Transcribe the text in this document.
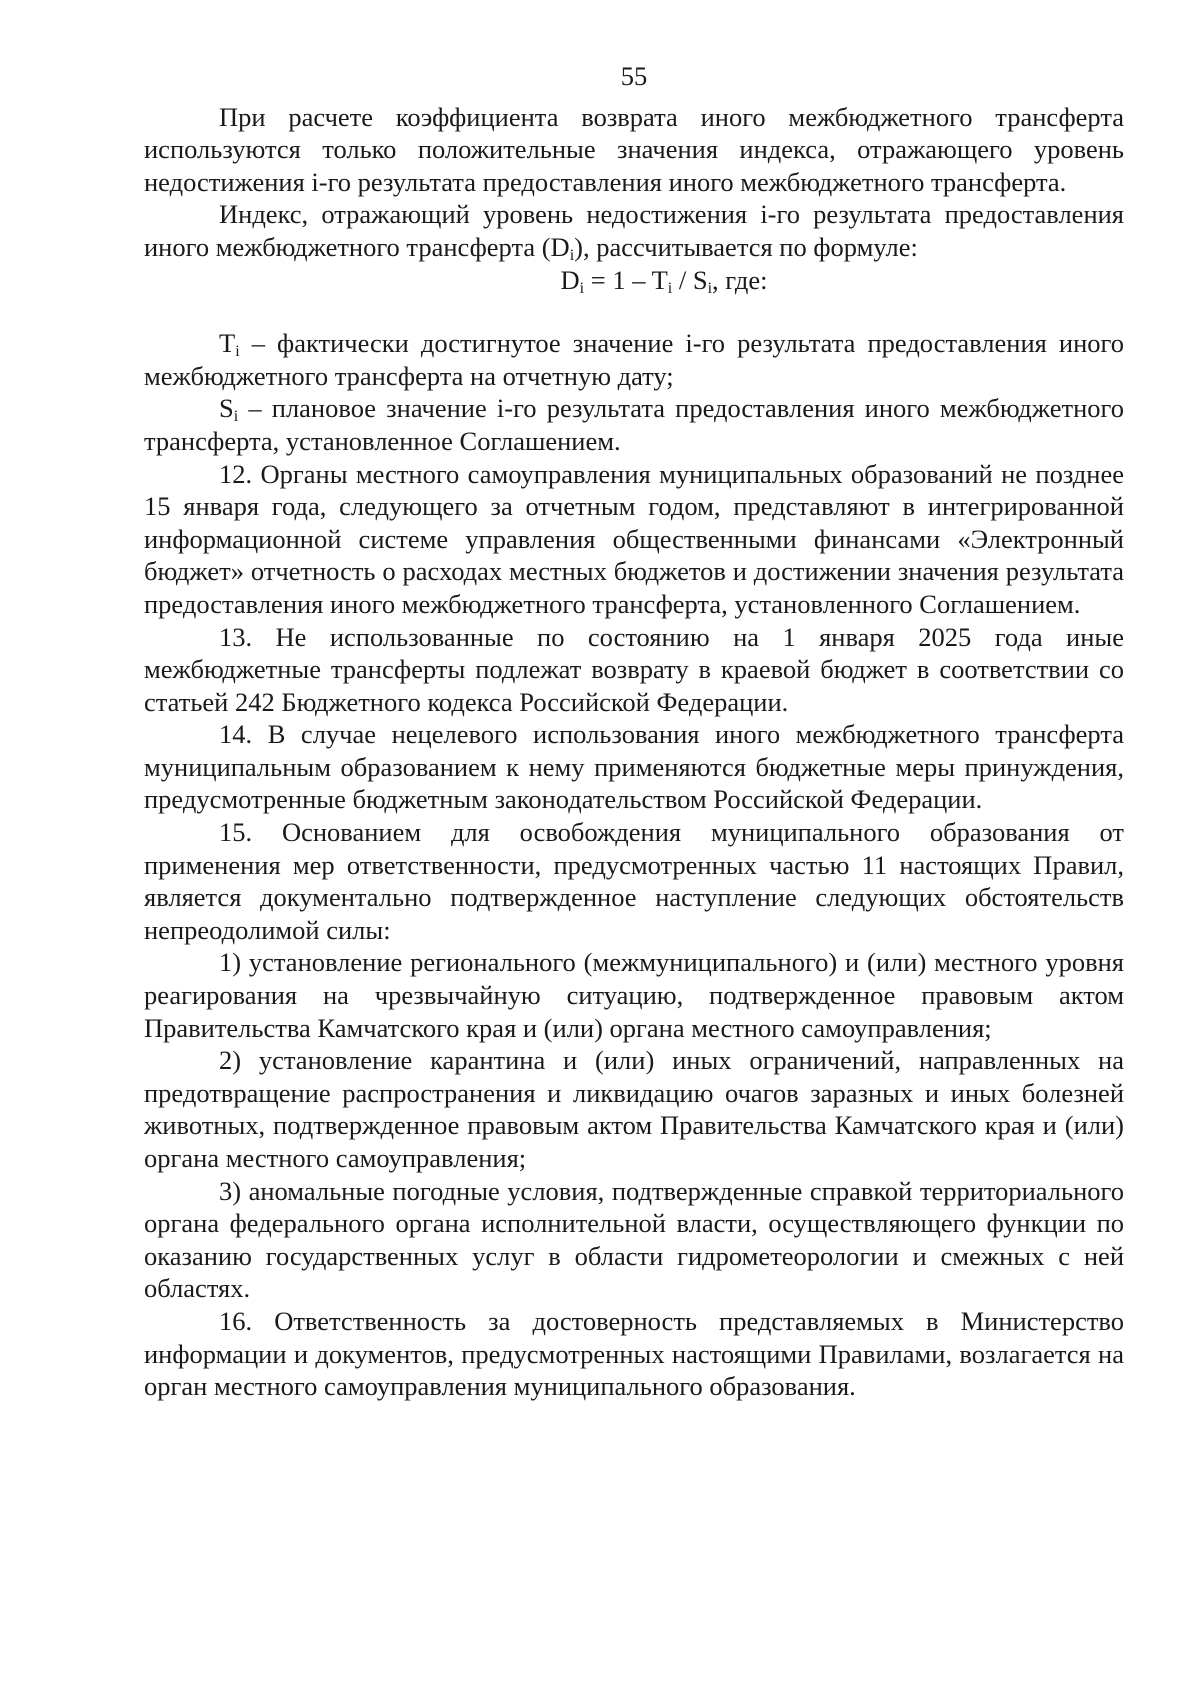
55

При расчете коэффициента возврата иного межбюджетного трансферта используются только положительные значения индекса, отражающего уровень недостижения i-го результата предоставления иного межбюджетного трансферта.

Индекс, отражающий уровень недостижения i-го результата предоставления иного межбюджетного трансферта $(D_i)$, рассчитывается по формуле:

$D_i = 1 - T_i / S_i$, где:

$T_i$ – фактически достигнутое значение i-го результата предоставления иного межбюджетного трансферта на отчетную дату;

$S_i$ – плановое значение i-го результата предоставления иного межбюджетного трансферта, установленное Соглашением.

12. Органы местного самоуправления муниципальных образований не позднее 15 января года, следующего за отчетным годом, представляют в интегрированной информационной системе управления общественными финансами «Электронный бюджет» отчетность о расходах местных бюджетов и достижении значения результата предоставления иного межбюджетного трансферта, установленного Соглашением.

13. Не использованные по состоянию на 1 января 2025 года иные межбюджетные трансферты подлежат возврату в краевой бюджет в соответствии со статьей 242 Бюджетного кодекса Российской Федерации.

14. В случае нецелевого использования иного межбюджетного трансферта муниципальным образованием к нему применяются бюджетные меры принуждения, предусмотренные бюджетным законодательством Российской Федерации.

15. Основанием для освобождения муниципального образования от применения мер ответственности, предусмотренных частью 11 настоящих Правил, является документально подтвержденное наступление следующих обстоятельств непреодолимой силы:

1) установление регионального (межмуниципального) и (или) местного уровня реагирования на чрезвычайную ситуацию, подтвержденное правовым актом Правительства Камчатского края и (или) органа местного самоуправления;

2) установление карантина и (или) иных ограничений, направленных на предотвращение распространения и ликвидацию очагов заразных и иных болезней животных, подтвержденное правовым актом Правительства Камчатского края и (или) органа местного самоуправления;

3) аномальные погодные условия, подтвержденные справкой территориального органа федерального органа исполнительной власти, осуществляющего функции по оказанию государственных услуг в области гидрометеорологии и смежных с ней областях.

16. Ответственность за достоверность представляемых в Министерство информации и документов, предусмотренных настоящими Правилами, возлагается на орган местного самоуправления муниципального образования.
